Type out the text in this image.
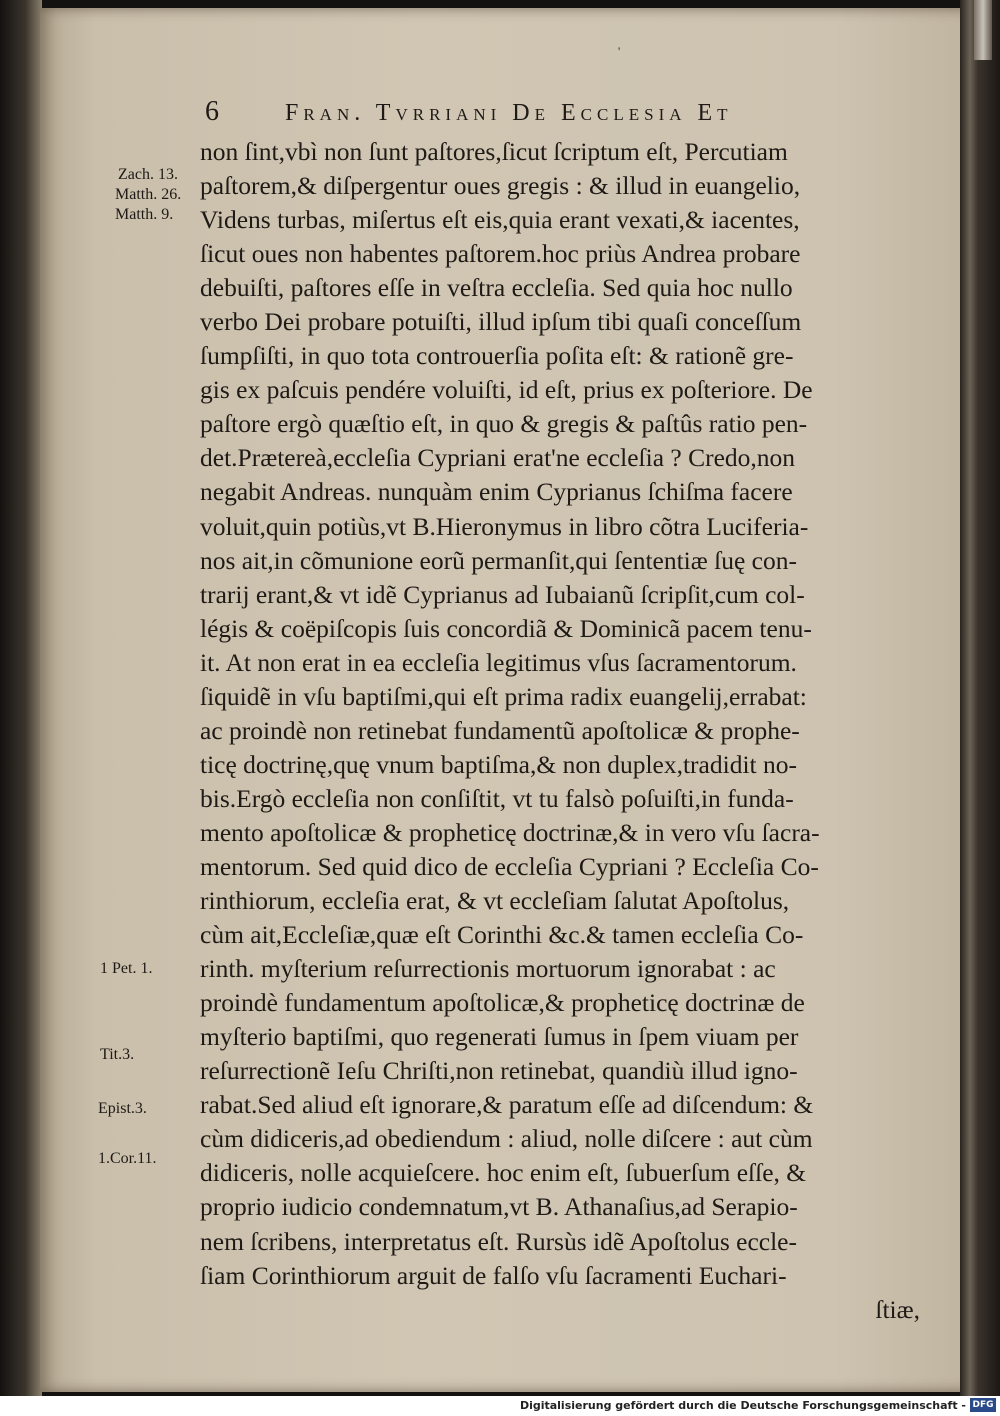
'
6	Fran. Tvrriani De Ecclesia Et
Zach. 13.
Matth. 26.
Matth. 9.
1 Pet. 1.
Tit.3.
Epist.3.
1.Cor.11.
non ſint,vbì non ſunt paſtores,ſicut ſcriptum eſt, Percutiam
paſtorem,& diſpergentur oues gregis : & illud in euangelio,
Videns turbas, miſertus eſt eis,quia erant vexati,& iacentes,
ſicut oues non habentes paſtorem.hoc priùs Andrea probare
debuiſti, paſtores eſſe in veſtra eccleſia. Sed quia hoc nullo
verbo Dei probare potuiſti, illud ipſum tibi quaſi conceſſum
ſumpſiſti, in quo tota controuerſia poſita eſt: & rationẽ gre-
gis ex paſcuis pendére voluiſti, id eſt, prius ex poſteriore. De
paſtore ergò quæſtio eſt, in quo & gregis & paſtûs ratio pen-
det.Prætereà,eccleſia Cypriani erat'ne eccleſia ? Credo,non
negabit Andreas. nunquàm enim Cyprianus ſchiſma facere
voluit,quin potiùs,vt B.Hieronymus in libro cõtra Luciferia-
nos ait,in cõmunione eorũ permanſit,qui ſententiæ ſuę con-
trarij erant,& vt idẽ Cyprianus ad Iubaianũ ſcripſit,cum col-
légis & coëpiſcopis ſuis concordiã & Dominicã pacem tenu-
it. At non erat in ea eccleſia legitimus vſus ſacramentorum.
ſiquidẽ in vſu baptiſmi,qui eſt prima radix euangelij,errabat:
ac proindè non retinebat fundamentũ apoſtolicæ & prophe-
ticę doctrinę,quę vnum baptiſma,& non duplex,tradidit no-
bis.Ergò eccleſia non conſiſtit, vt tu falsò poſuiſti,in funda-
mento apoſtolicæ & propheticę doctrinæ,& in vero vſu ſacra-
mentorum. Sed quid dico de eccleſia Cypriani ? Eccleſia Co-
rinthiorum, eccleſia erat, & vt eccleſiam ſalutat Apoſtolus,
cùm ait,Eccleſiæ,quæ eſt Corinthi &c.& tamen eccleſia Co-
rinth. myſterium reſurrectionis mortuorum ignorabat : ac
proindè fundamentum apoſtolicæ,& propheticę doctrinæ de
myſterio baptiſmi, quo regenerati ſumus in ſpem viuam per
reſurrectionẽ Ieſu Chriſti,non retinebat, quandiù illud igno-
rabat.Sed aliud eſt ignorare,& paratum eſſe ad diſcendum: &
cùm didiceris,ad obediendum : aliud, nolle diſcere : aut cùm
didiceris, nolle acquieſcere. hoc enim eſt, ſubuerſum eſſe, &
proprio iudicio condemnatum,vt B. Athanaſius,ad Serapio-
nem ſcribens, interpretatus eſt. Rursùs idẽ Apoſtolus eccle-
ſiam Corinthiorum arguit de falſo vſu ſacramenti Euchari-
ſtiæ,
Digitalisierung gefördert durch die Deutsche Forschungsgemeinschaft - DFG
